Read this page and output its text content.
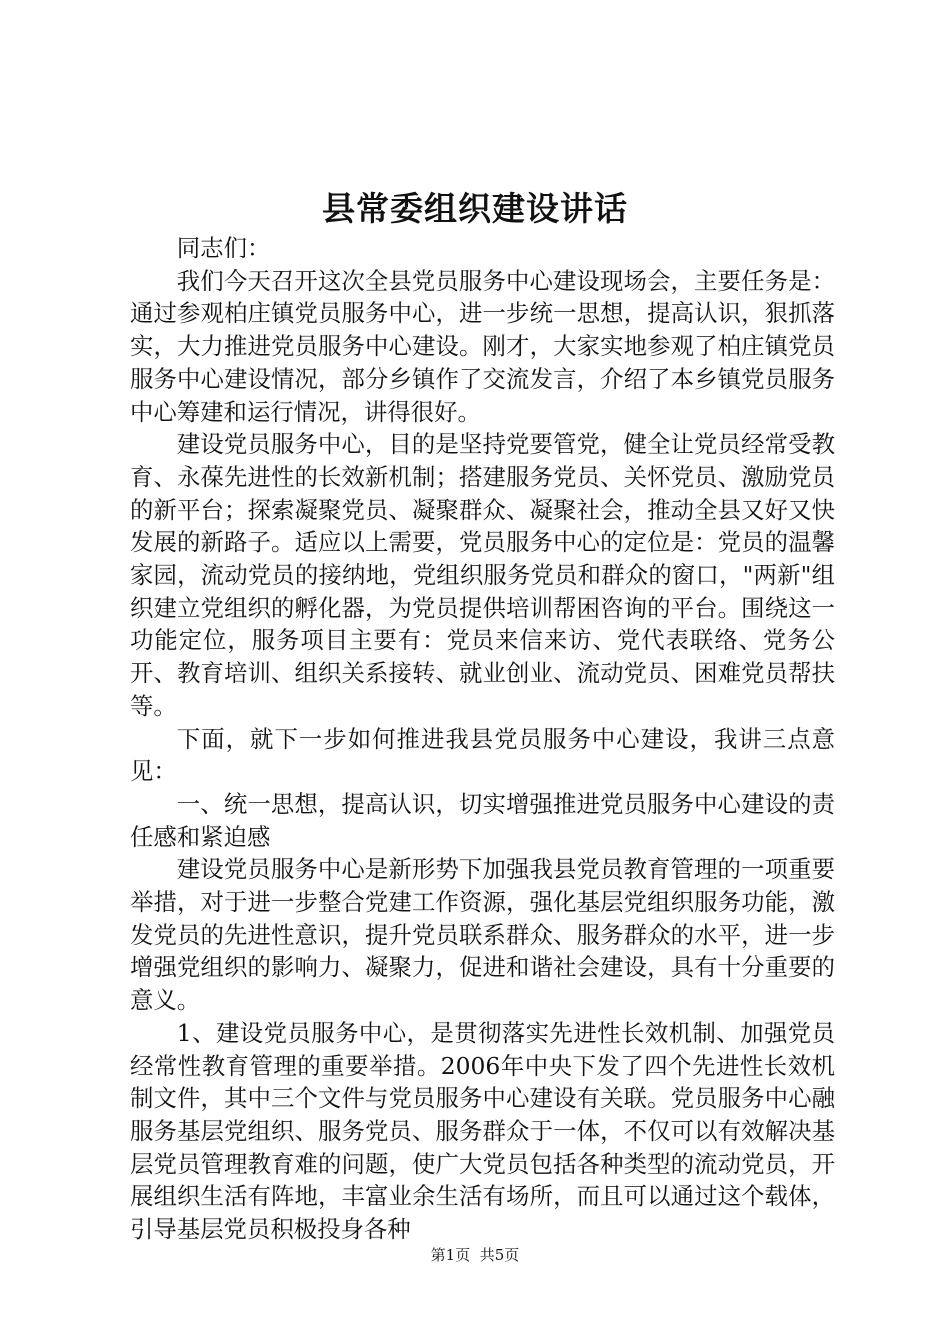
县常委组织建设讲话

同志们：

我们今天召开这次全县党员服务中心建设现场会，主要任务是：通过参观柏庄镇党员服务中心，进一步统一思想，提高认识，狠抓落实，大力推进党员服务中心建设。刚才，大家实地参观了柏庄镇党员服务中心建设情况，部分乡镇作了交流发言，介绍了本乡镇党员服务中心筹建和运行情况，讲得很好。

建设党员服务中心，目的是坚持党要管党，健全让党员经常受教育、永葆先进性的长效新机制；搭建服务党员、关怀党员、激励党员的新平台；探索凝聚党员、凝聚群众、凝聚社会，推动全县又好又快发展的新路子。适应以上需要，党员服务中心的定位是：党员的温馨家园，流动党员的接纳地，党组织服务党员和群众的窗口，"两新"组织建立党组织的孵化器，为党员提供培训帮困咨询的平台。围绕这一功能定位，服务项目主要有：党员来信来访、党代表联络、党务公开、教育培训、组织关系接转、就业创业、流动党员、困难党员帮扶等。

下面，就下一步如何推进我县党员服务中心建设，我讲三点意见：

一、统一思想，提高认识，切实增强推进党员服务中心建设的责任感和紧迫感

建设党员服务中心是新形势下加强我县党员教育管理的一项重要举措，对于进一步整合党建工作资源，强化基层党组织服务功能，激发党员的先进性意识，提升党员联系群众、服务群众的水平，进一步增强党组织的影响力、凝聚力，促进和谐社会建设，具有十分重要的意义。

1、建设党员服务中心，是贯彻落实先进性长效机制、加强党员经常性教育管理的重要举措。2006年中央下发了四个先进性长效机制文件，其中三个文件与党员服务中心建设有关联。党员服务中心融服务基层党组织、服务党员、服务群众于一体，不仅可以有效解决基层党员管理教育难的问题，使广大党员包括各种类型的流动党员，开展组织生活有阵地，丰富业余生活有场所，而且可以通过这个载体，引导基层党员积极投身各种

第1页 共5页
